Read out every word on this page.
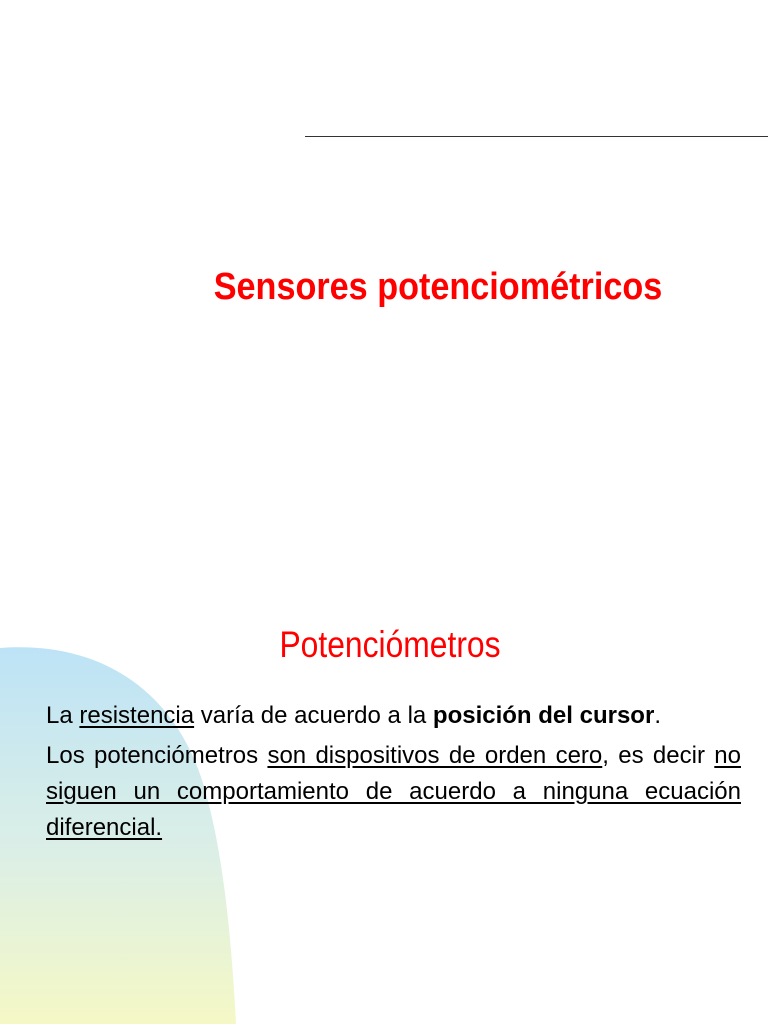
Sensores potenciométricos
Potenciómetros

La resistencia varía de acuerdo a la posición del cursor.

Los potenciómetros son dispositivos de orden cero, es decir no siguen un comportamiento de acuerdo a ninguna ecuación diferencial.
